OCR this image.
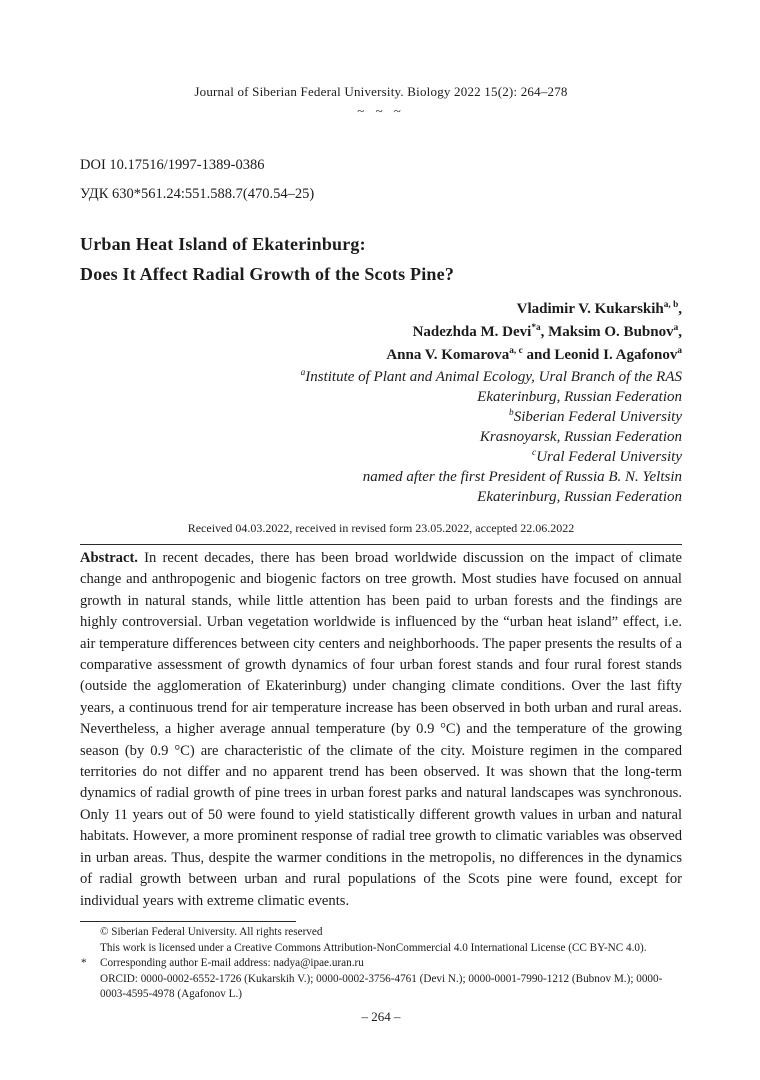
Journal of Siberian Federal University. Biology 2022 15(2): 264–278
~ ~ ~
DOI 10.17516/1997-1389-0386
УДК 630*561.24:551.588.7(470.54–25)
Urban Heat Island of Ekaterinburg:
Does It Affect Radial Growth of the Scots Pine?
Vladimir V. Kukarskih$^{a, b}$,
Nadezhda M. Devi$^{*a}$, Maksim O. Bubnov$^a$,
Anna V. Komarova$^{a, c}$ and Leonid I. Agafonov$^a$
$^a$Institute of Plant and Animal Ecology, Ural Branch of the RAS
Ekaterinburg, Russian Federation
$^b$Siberian Federal University
Krasnoyarsk, Russian Federation
$^c$Ural Federal University
named after the first President of Russia B. N. Yeltsin
Ekaterinburg, Russian Federation
Received 04.03.2022, received in revised form 23.05.2022, accepted 22.06.2022
Abstract. In recent decades, there has been broad worldwide discussion on the impact of climate change and anthropogenic and biogenic factors on tree growth. Most studies have focused on annual growth in natural stands, while little attention has been paid to urban forests and the findings are highly controversial. Urban vegetation worldwide is influenced by the “urban heat island” effect, i.e. air temperature differences between city centers and neighborhoods. The paper presents the results of a comparative assessment of growth dynamics of four urban forest stands and four rural forest stands (outside the agglomeration of Ekaterinburg) under changing climate conditions. Over the last fifty years, a continuous trend for air temperature increase has been observed in both urban and rural areas. Nevertheless, a higher average annual temperature (by 0.9 °C) and the temperature of the growing season (by 0.9 °C) are characteristic of the climate of the city. Moisture regimen in the compared territories do not differ and no apparent trend has been observed. It was shown that the long-term dynamics of radial growth of pine trees in urban forest parks and natural landscapes was synchronous. Only 11 years out of 50 were found to yield statistically different growth values in urban and natural habitats. However, a more prominent response of radial tree growth to climatic variables was observed in urban areas. Thus, despite the warmer conditions in the metropolis, no differences in the dynamics of radial growth between urban and rural populations of the Scots pine were found, except for individual years with extreme climatic events.
© Siberian Federal University. All rights reserved
This work is licensed under a Creative Commons Attribution-NonCommercial 4.0 International License (CC BY-NC 4.0).
* Corresponding author E-mail address: nadya@ipae.uran.ru
ORCID: 0000-0002-6552-1726 (Kukarskih V.); 0000-0002-3756-4761 (Devi N.); 0000-0001-7990-1212 (Bubnov M.); 0000-0003-4595-4978 (Agafonov L.)
– 264 –
